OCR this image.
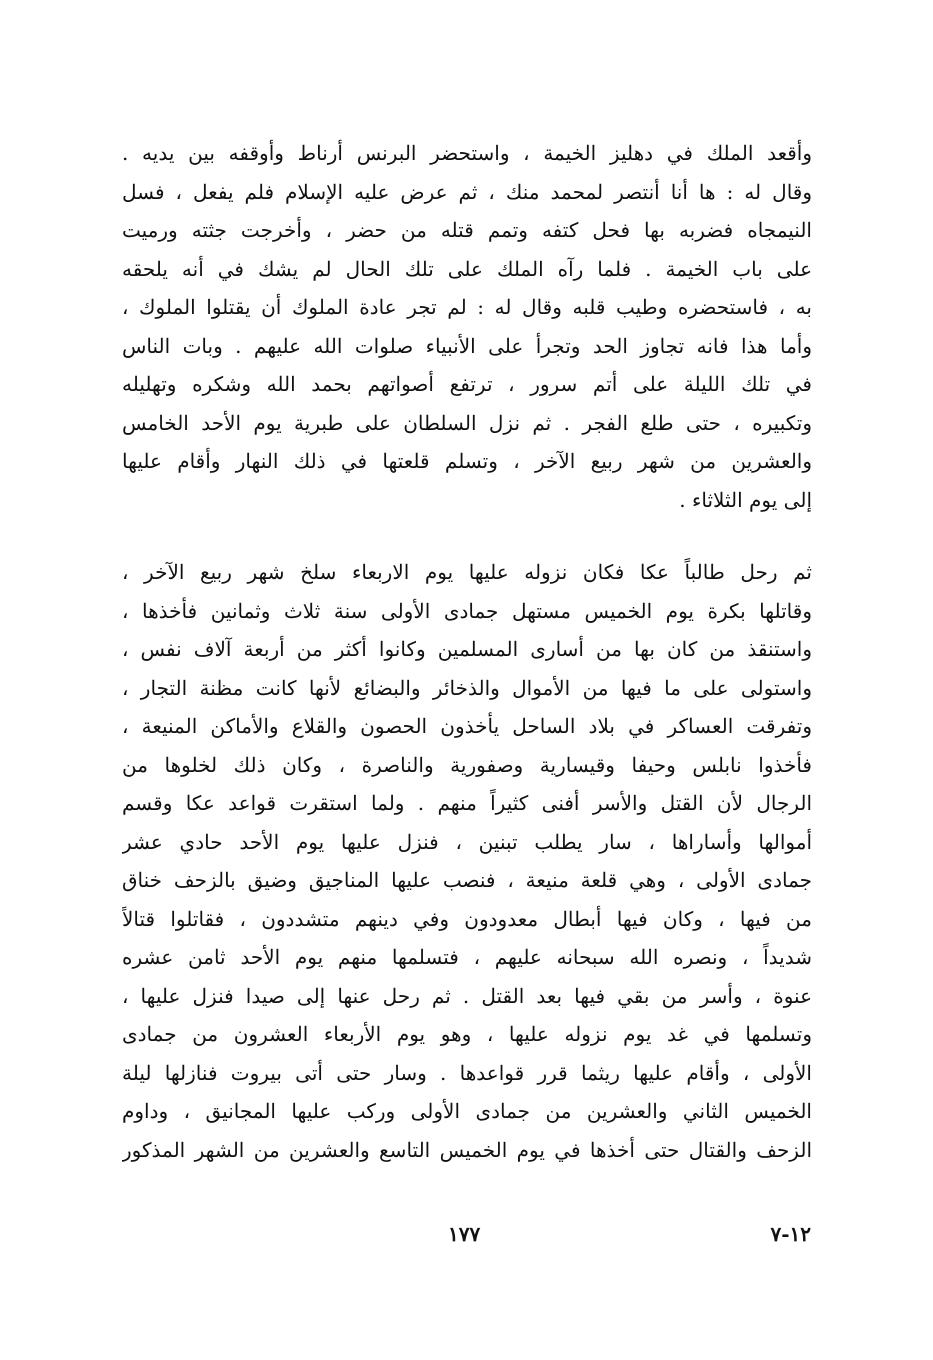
وأقعد الملك في دهليز الخيمة ، واستحضر البرنس أرناط وأوقفه بين يديه .
وقال له : ها أنا أنتصر لمحمد منك ، ثم عرض عليه الإسلام فلم يفعل ، فسل
النيمجاه فضربه بها فحل كتفه وتمم قتله من حضر ، وأخرجت جثته ورميت
على باب الخيمة . فلما رآه الملك على تلك الحال لم يشك في أنه يلحقه
به ، فاستحضره وطيب قلبه وقال له : لم تجر عادة الملوك أن يقتلوا الملوك ،
وأما هذا فانه تجاوز الحد وتجرأ على الأنبياء صلوات الله عليهم . وبات الناس
في تلك الليلة على أتم سرور ، ترتفع أصواتهم بحمد الله وشكره وتهليله
وتكبيره ، حتى طلع الفجر . ثم نزل السلطان على طبرية يوم الأحد الخامس
والعشرين من شهر ربيع الآخر ، وتسلم قلعتها في ذلك النهار وأقام عليها
إلى يوم الثلاثاء .
ثم رحل طالباً عكا فكان نزوله عليها يوم الاربعاء سلخ شهر ربيع الآخر ،
وقاتلها بكرة يوم الخميس مستهل جمادى الأولى سنة ثلاث وثمانين فأخذها ،
واستنقذ من كان بها من أسارى المسلمين وكانوا أكثر من أربعة آلاف نفس ،
واستولى على ما فيها من الأموال والذخائر والبضائع لأنها كانت مظنة التجار ،
وتفرقت العساكر في بلاد الساحل يأخذون الحصون والقلاع والأماكن المنيعة ،
فأخذوا نابلس وحيفا وقيسارية وصفورية والناصرة ، وكان ذلك لخلوها من
الرجال لأن القتل والأسر أفنى كثيراً منهم . ولما استقرت قواعد عكا وقسم
أموالها وأساراها ، سار يطلب تبنين ، فنزل عليها يوم الأحد حادي عشر
جمادى الأولى ، وهي قلعة منيعة ، فنصب عليها المناجيق وضيق بالزحف خناق
من فيها ، وكان فيها أبطال معدودون وفي دينهم متشددون ، فقاتلوا قتالاً
شديداً ، ونصره الله سبحانه عليهم ، فتسلمها منهم يوم الأحد ثامن عشره
عنوة ، وأسر من بقي فيها بعد القتل . ثم رحل عنها إلى صيدا فنزل عليها ،
وتسلمها في غد يوم نزوله عليها ، وهو يوم الأربعاء العشرون من جمادى
الأولى ، وأقام عليها ريثما قرر قواعدها . وسار حتى أتى بيروت فنازلها ليلة
الخميس الثاني والعشرين من جمادى الأولى وركب عليها المجانيق ، وداوم
الزحف والقتال حتى أخذها في يوم الخميس التاسع والعشرين من الشهر المذكور
١٢-٧
١٧٧
